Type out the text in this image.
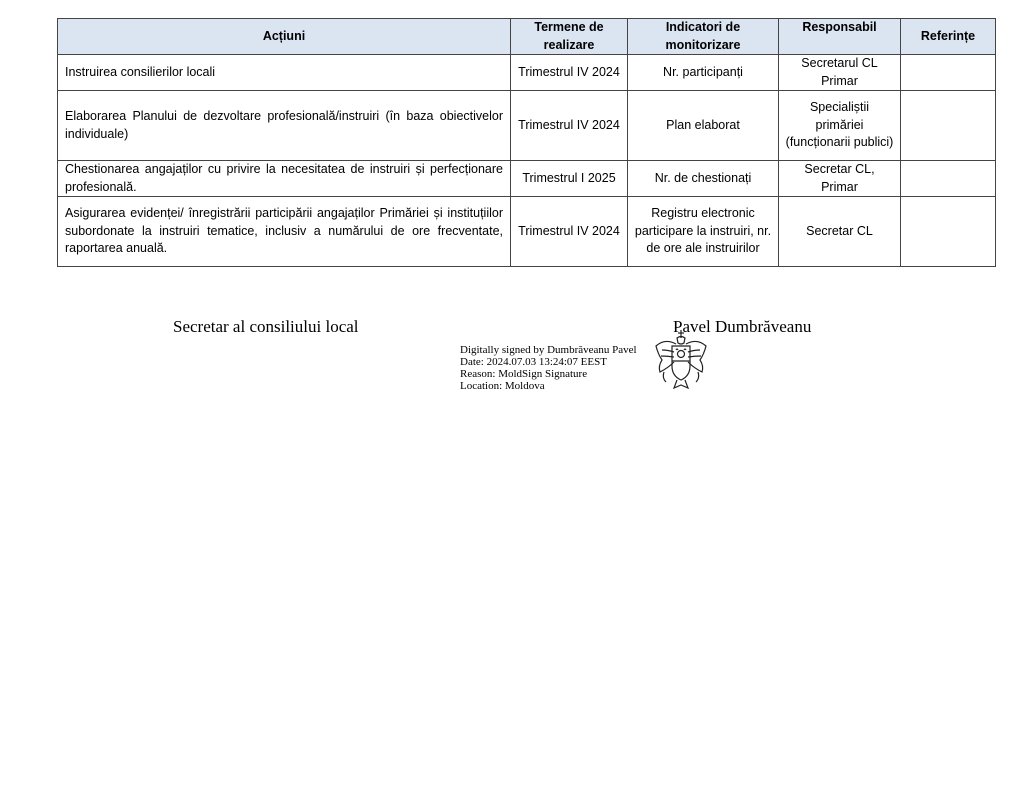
Acțiuni	Termene de realizare	Indicatori de monitorizare	Responsabil	Referințe
Instruirea consilierilor locali	Trimestrul IV 2024	Nr. participanți	Secretarul CL Primar	
Elaborarea Planului de dezvoltare profesională/instruiri (în baza obiectivelor individuale)	Trimestrul IV 2024	Plan elaborat	Specialiștii primăriei (funcționarii publici)	
Chestionarea angajaților cu privire la necesitatea de instruiri și perfecționare profesională.	Trimestrul I 2025	Nr. de chestionați	Secretar CL, Primar	
Asigurarea evidenței/ înregistrării participării angajaților Primăriei și instituțiilor subordonate la instruiri tematice, inclusiv a numărului de ore frecventate, raportarea anuală.	Trimestrul IV 2024	Registru electronic participare la instruiri, nr. de ore ale instruirilor	Secretar CL	
Secretar al consiliului local	Pavel Dumbrăveanu
Digitally signed by Dumbrăveanu Pavel
Date: 2024.07.03 13:24:07 EEST
Reason: MoldSign Signature
Location: Moldova
